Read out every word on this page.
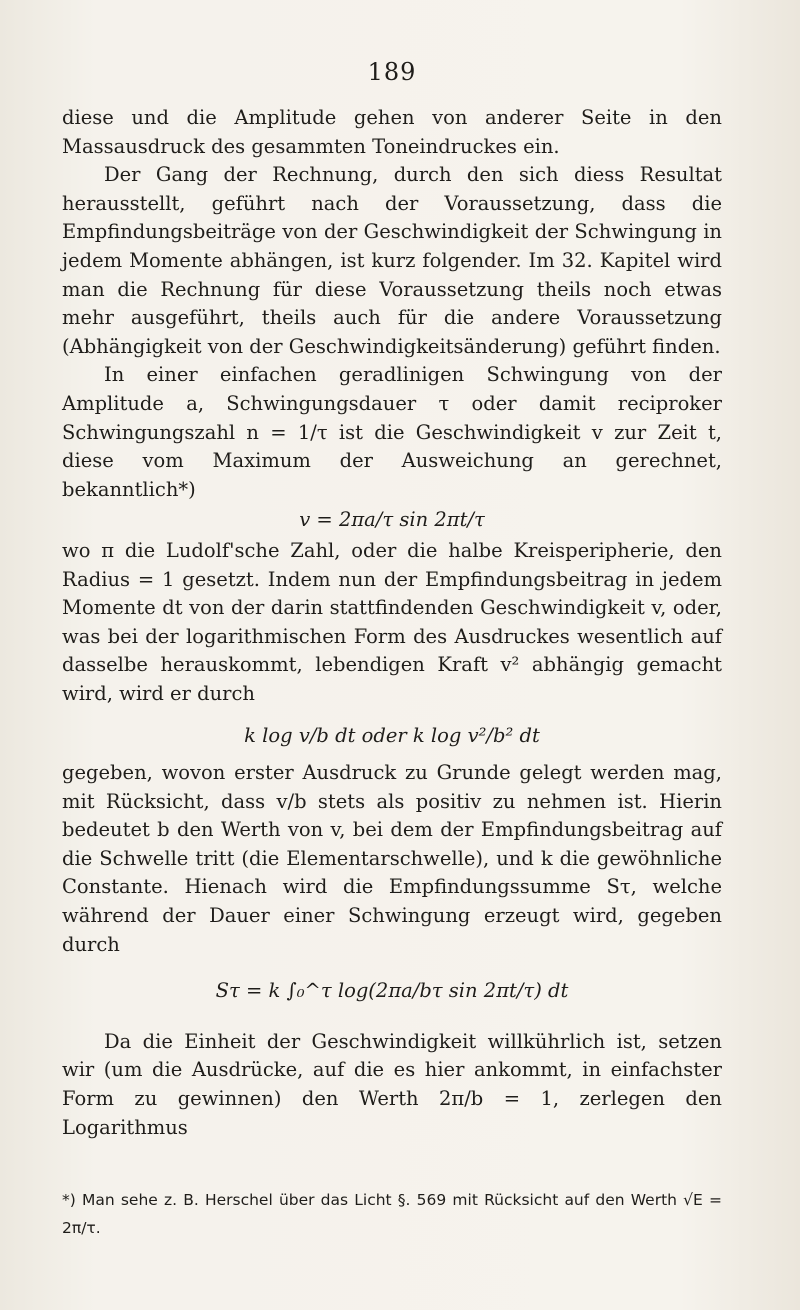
189

diese und die Amplitude gehen von anderer Seite in den Massausdruck des gesammten Toneindruckes ein.

Der Gang der Rechnung, durch den sich diess Resultat herausstellt, geführt nach der Voraussetzung, dass die Empfindungsbeiträge von der Geschwindigkeit der Schwingung in jedem Momente abhängen, ist kurz folgender. Im 32. Kapitel wird man die Rechnung für diese Voraussetzung theils noch etwas mehr ausgeführt, theils auch für die andere Voraussetzung (Abhängigkeit von der Geschwindigkeitsänderung) geführt finden.

In einer einfachen geradlinigen Schwingung von der Amplitude a, Schwingungsdauer τ oder damit reciproker Schwingungszahl n = 1/τ ist die Geschwindigkeit v zur Zeit t, diese vom Maximum der Ausweichung an gerechnet, bekanntlich*)

v = 2πa/τ sin 2πt/τ

wo π die Ludolf'sche Zahl, oder die halbe Kreisperipherie, den Radius = 1 gesetzt. Indem nun der Empfindungsbeitrag in jedem Momente dt von der darin stattfindenden Geschwindigkeit v, oder, was bei der logarithmischen Form des Ausdruckes wesentlich auf dasselbe herauskommt, lebendigen Kraft v² abhängig gemacht wird, wird er durch

k log v/b dt oder k log v²/b² dt

gegeben, wovon erster Ausdruck zu Grunde gelegt werden mag, mit Rücksicht, dass v/b stets als positiv zu nehmen ist. Hierin bedeutet b den Werth von v, bei dem der Empfindungsbeitrag auf die Schwelle tritt (die Elementarschwelle), und k die gewöhnliche Constante. Hienach wird die Empfindungssumme Sτ, welche während der Dauer einer Schwingung erzeugt wird, gegeben durch

Sτ = k ∫₀^τ log(2πa/bτ sin 2πt/τ) dt

Da die Einheit der Geschwindigkeit willkührlich ist, setzen wir (um die Ausdrücke, auf die es hier ankommt, in einfachster Form zu gewinnen) den Werth 2π/b = 1, zerlegen den Logarithmus

*) Man sehe z. B. Herschel über das Licht §. 569 mit Rücksicht auf den Werth √E = 2π/τ.
